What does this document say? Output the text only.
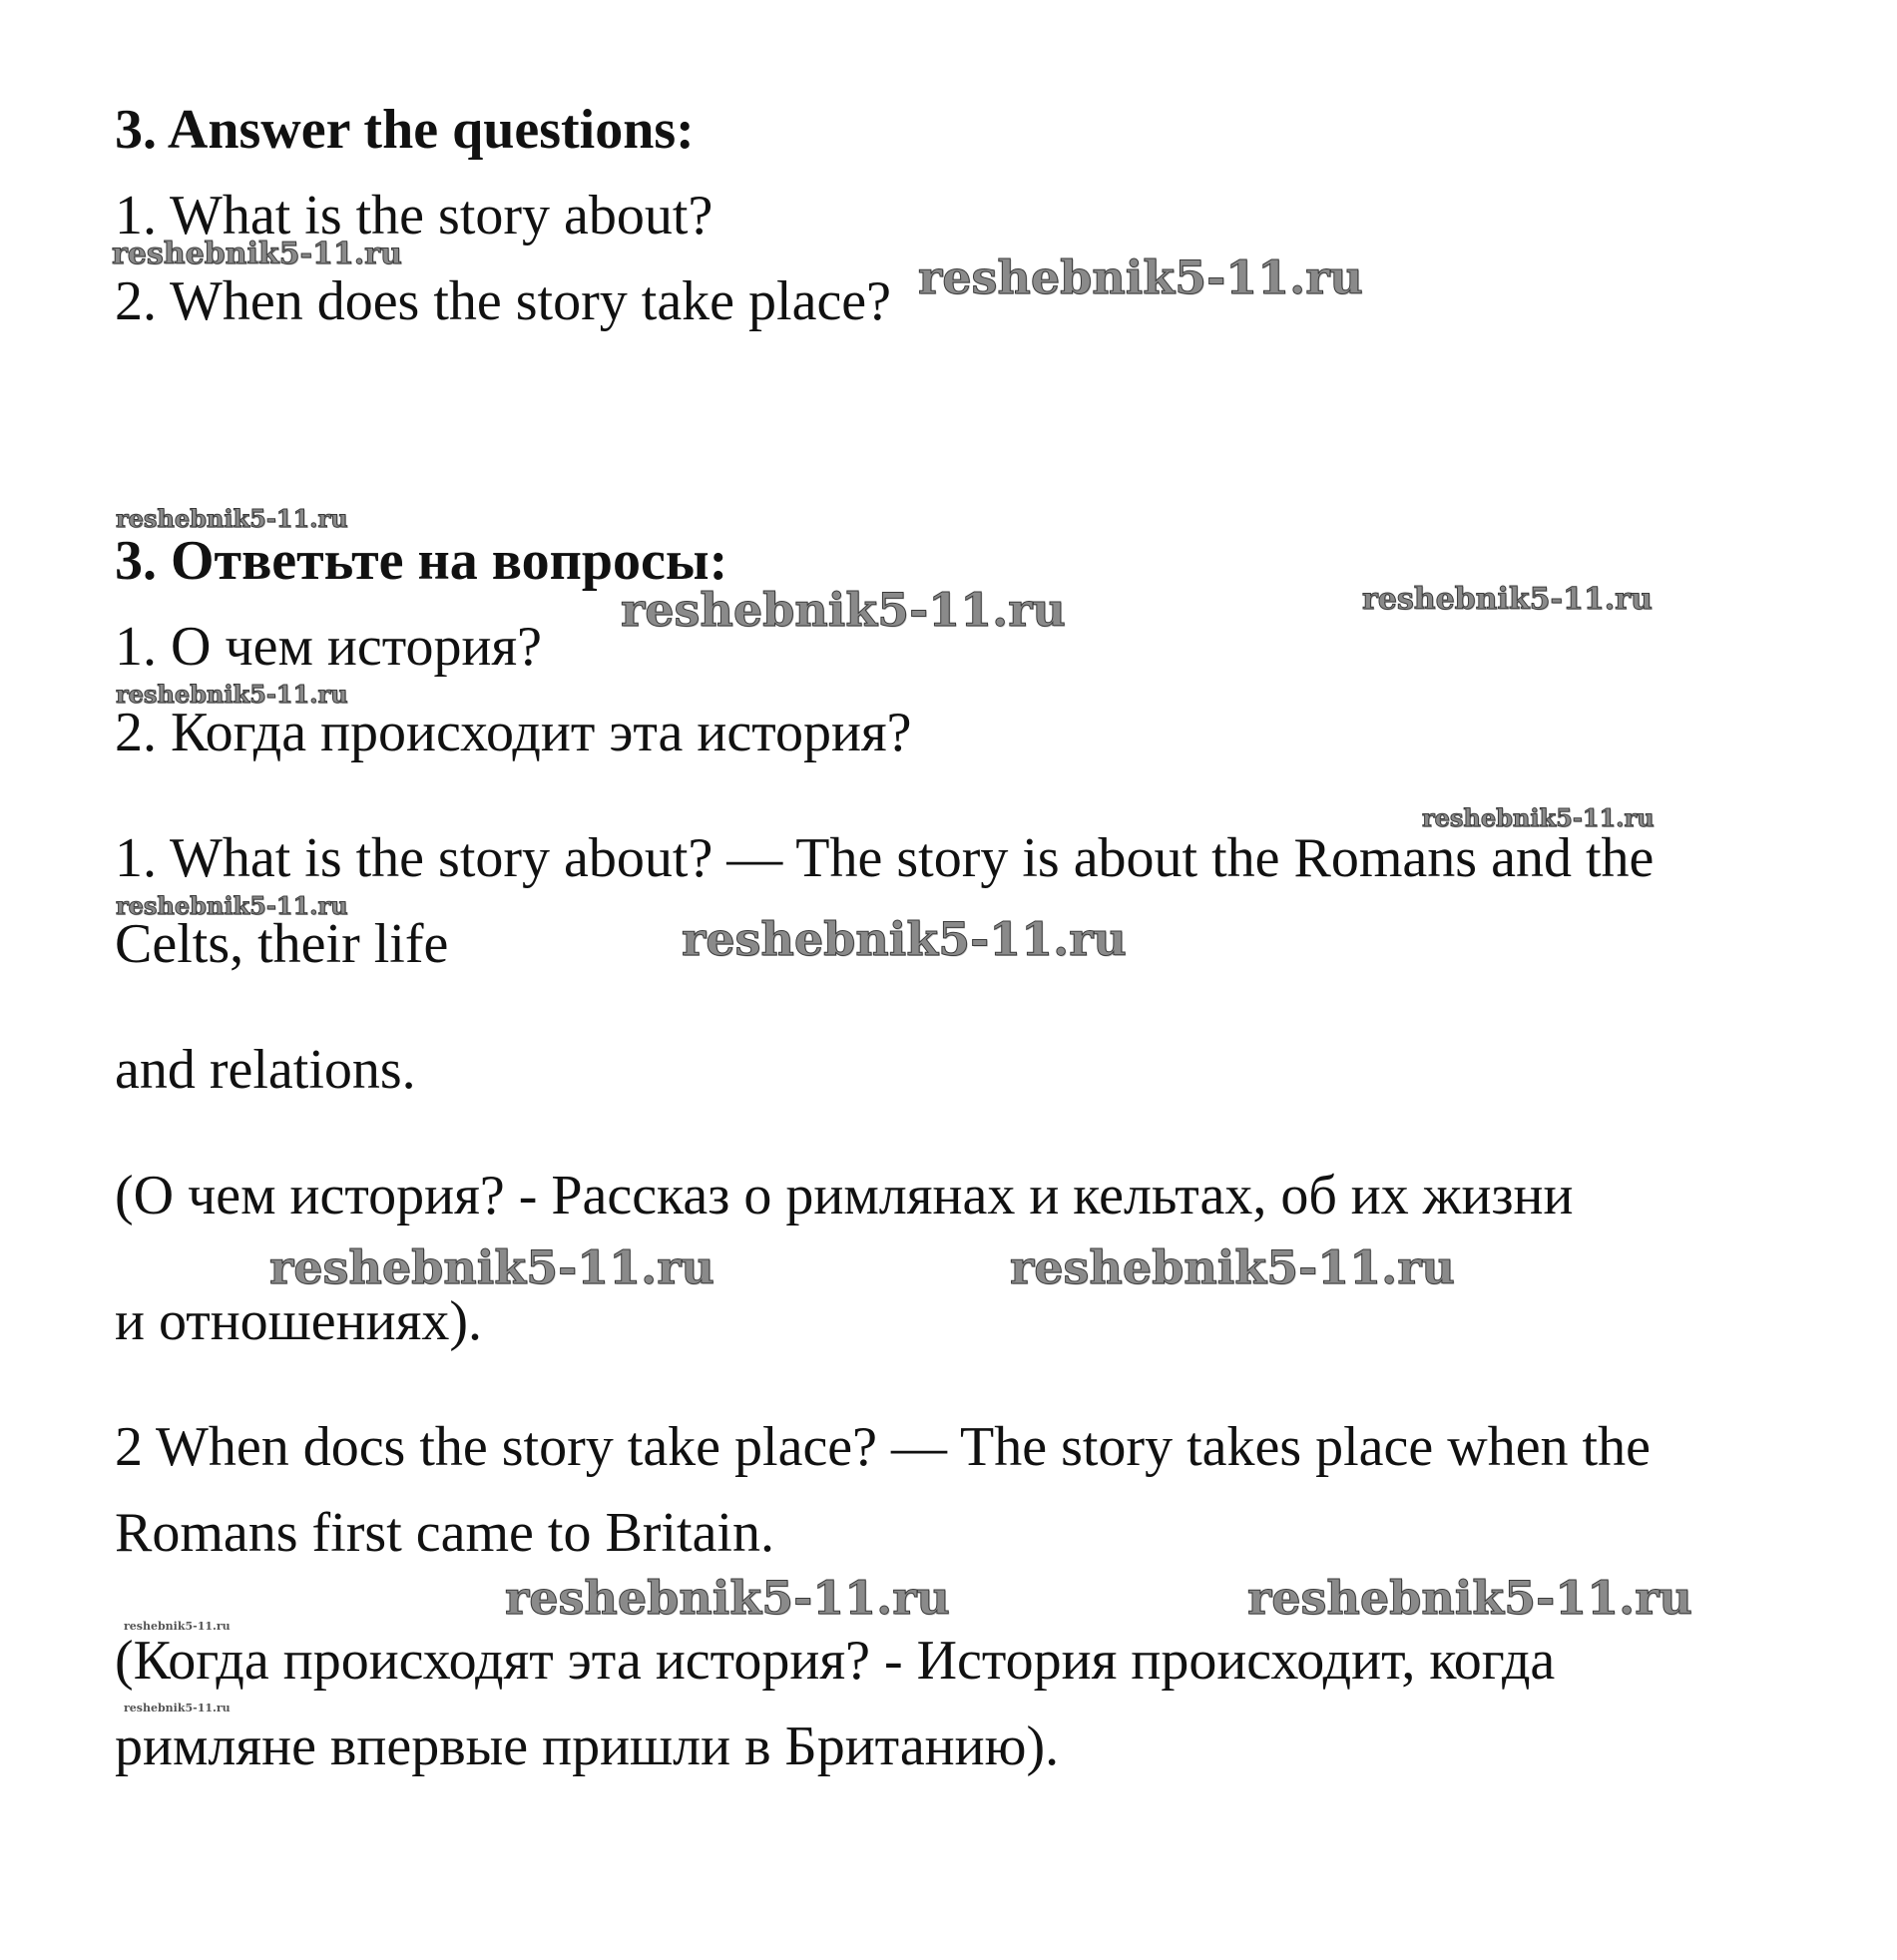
3. Answer the questions:

1. What is the story about?

2. When does the story take place?

3. Ответьте на вопросы:

1. О чем история?

2. Когда происходит эта история?

1. What is the story about? — The story is about the Romans and the

Celts, their life

and relations.

(О чем история? - Рассказ о римлянах и кельтах, об их жизни

и отношениях).

2 When docs the story take place? — The story takes place when the

Romans first came to Britain.

(Когда происходят эта история? - История происходит, когда

римляне впервые пришли в Британию).

reshebnik5-11.ru	reshebnik5-11.ru
reshebnik5-11.ru
reshebnik5-11.ru	reshebnik5-11.ru
reshebnik5-11.ru
reshebnik5-11.ru
reshebnik5-11.ru
reshebnik5-11.ru
reshebnik5-11.ru	reshebnik5-11.ru
reshebnik5-11.ru	reshebnik5-11.ru
reshebnik5-11.ru
reshebnik5-11.ru
